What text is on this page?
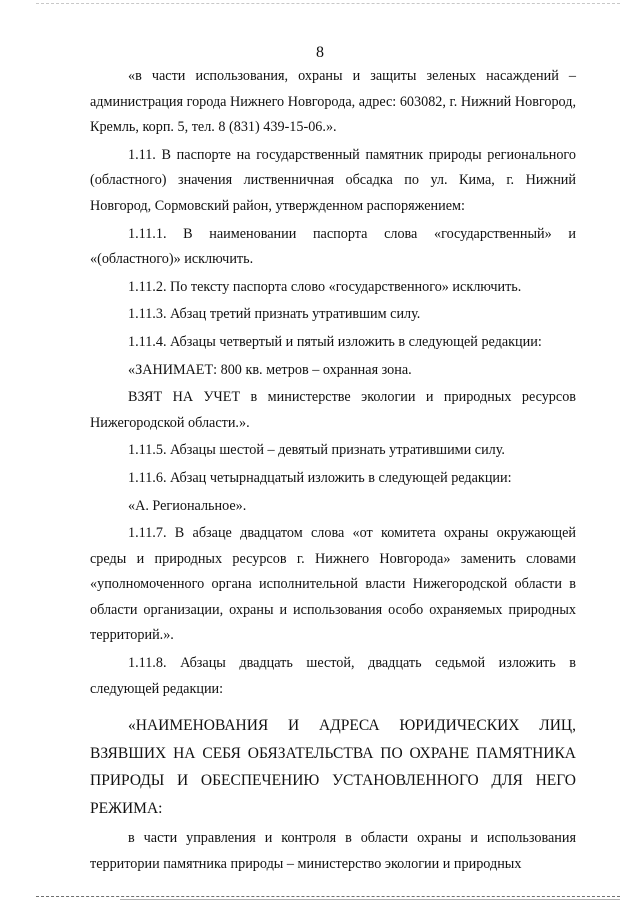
8

«в части использования, охраны и защиты зеленых насаждений – администрация города Нижнего Новгорода, адрес: 603082, г. Нижний Новгород, Кремль, корп. 5, тел. 8 (831) 439-15-06.».

1.11. В паспорте на государственный памятник природы регионального (областного) значения лиственничная обсадка по ул. Кима, г. Нижний Новгород, Сормовский район, утвержденном распоряжением:

1.11.1. В наименовании паспорта слова «государственный» и «(областного)» исключить.

1.11.2. По тексту паспорта слово «государственного» исключить.

1.11.3. Абзац третий признать утратившим силу.

1.11.4. Абзацы четвертый и пятый изложить в следующей редакции:

«ЗАНИМАЕТ: 800 кв. метров – охранная зона.

ВЗЯТ НА УЧЕТ в министерстве экологии и природных ресурсов Нижегородской области.».

1.11.5. Абзацы шестой – девятый признать утратившими силу.

1.11.6. Абзац четырнадцатый изложить в следующей редакции:

«А. Региональное».

1.11.7. В абзаце двадцатом слова «от комитета охраны окружающей среды и природных ресурсов г. Нижнего Новгорода» заменить словами «уполномоченного органа исполнительной власти Нижегородской области в области организации, охраны и использования особо охраняемых природных территорий.».

1.11.8. Абзацы двадцать шестой, двадцать седьмой изложить в следующей редакции:

«НАИМЕНОВАНИЯ И АДРЕСА ЮРИДИЧЕСКИХ ЛИЦ, ВЗЯВШИХ НА СЕБЯ ОБЯЗАТЕЛЬСТВА ПО ОХРАНЕ ПАМЯТНИКА ПРИРОДЫ И ОБЕСПЕЧЕНИЮ УСТАНОВЛЕННОГО ДЛЯ НЕГО РЕЖИМА:

в части управления и контроля в области охраны и использования территории памятника природы – министерство экологии и природных
